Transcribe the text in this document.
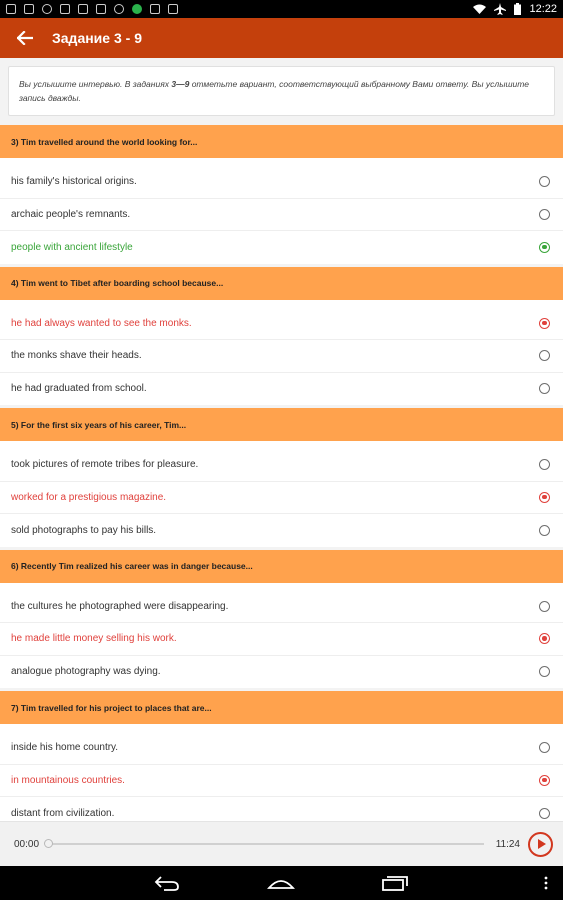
12:22
Задание 3 - 9
Вы услышите интервью. В заданиях 3—9 отметьте вариант, соответствующий выбранному Вами ответу. Вы услышите запись дважды.
3) Tim travelled around the world looking for...
his family's historical origins.
archaic people's remnants.
people with ancient lifestyle
4) Tim went to Tibet after boarding school because...
he had always wanted to see the monks.
the monks shave their heads.
he had graduated from school.
5) For the first six years of his career, Tim...
took pictures of remote tribes for pleasure.
worked for a prestigious magazine.
sold photographs to pay his bills.
6) Recently Tim realized his career was in danger because...
the cultures he photographed were disappearing.
he made little money selling his work.
analogue photography was dying.
7) Tim travelled for his project to places that are...
inside his home country.
in mountainous countries.
distant from civilization.
00:00	11:24
